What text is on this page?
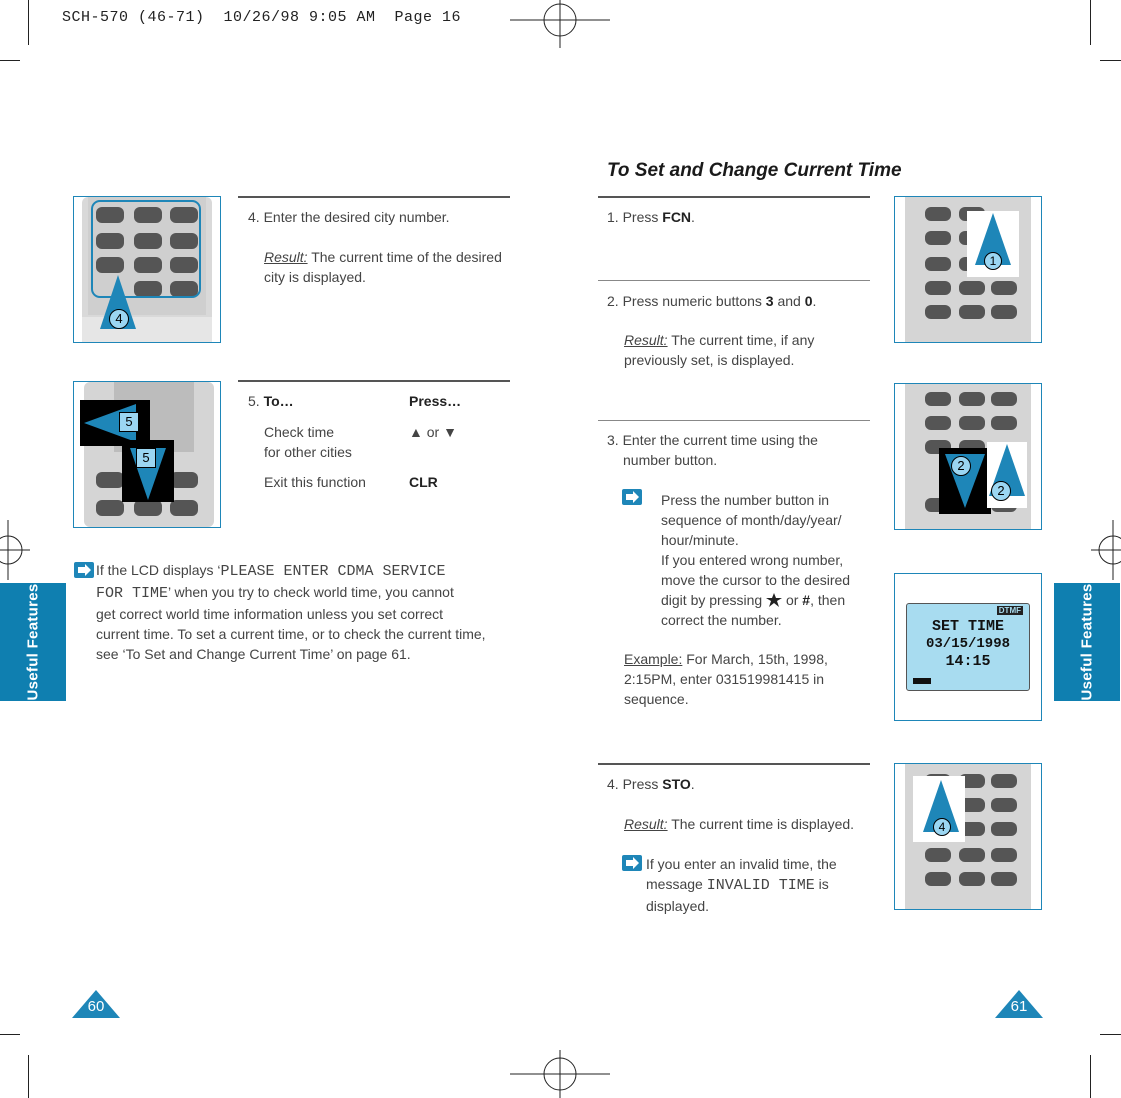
SCH-570 (46-71)  10/26/98 9:05 AM  Page 16
Useful Features	Useful Features
4
4. Enter the desired city number.
Result: The current time of the desired
city is displayed.
5
5
5. To…	Press…
Check time
for other cities
▲ or ▼
Exit this function	CLR
If the LCD displays ‘PLEASE ENTER CDMA SERVICE
FOR TIME’ when you try to check world time, you cannot
get correct world time information unless you set correct
current time. To set a current time, or to check the current time,
see ‘To Set and Change Current Time’ on page 61.
60
To Set and Change Current Time
1. Press FCN.
2. Press numeric buttons 3 and 0.
Result: The current time, if any
previously set, is displayed.
3. Enter the current time using the
number button.
Press the number button in
sequence of month/day/year/
hour/minute.
If you entered wrong number,
move the cursor to the desired
digit by pressing or #, then
correct the number.
Example: For March, 15th, 1998,
2:15PM, enter 031519981415 in
sequence.
4. Press STO.
Result: The current time is displayed.
If you enter an invalid time, the
message INVALID TIME is
displayed.
1
2
2
DTMF
SET TIME
03/15/1998
14:15
4
61
